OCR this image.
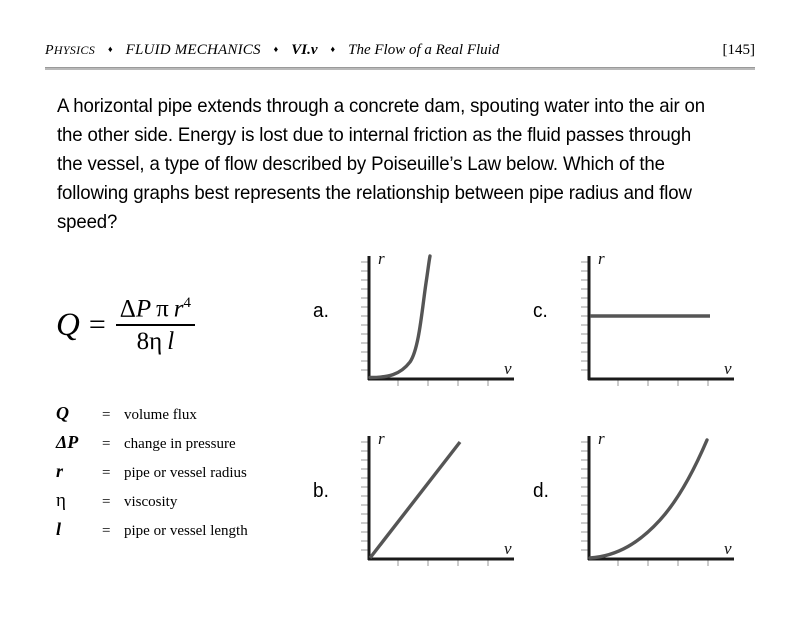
PHYSICS ♦ FLUID MECHANICS ♦ VI.v ♦ The Flow of a Real Fluid	[145]
A horizontal pipe extends through a concrete dam, spouting water into the air on the other side. Energy is lost due to internal friction as the fluid passes through the vessel, a type of flow described by Poiseuille’s Law below. Which of the following graphs best represents the relationship between pipe radius and flow speed?
$Q = \frac{\Delta P \pi r^4}{\text{8η  l}}$
Q	= volume flux
ΔP	= change in pressure
r	= pipe or vessel radius
η	= viscosity
l	= pipe or vessel length
a.
r
v
c.
r
v
b.
r
v
d.
r
v
